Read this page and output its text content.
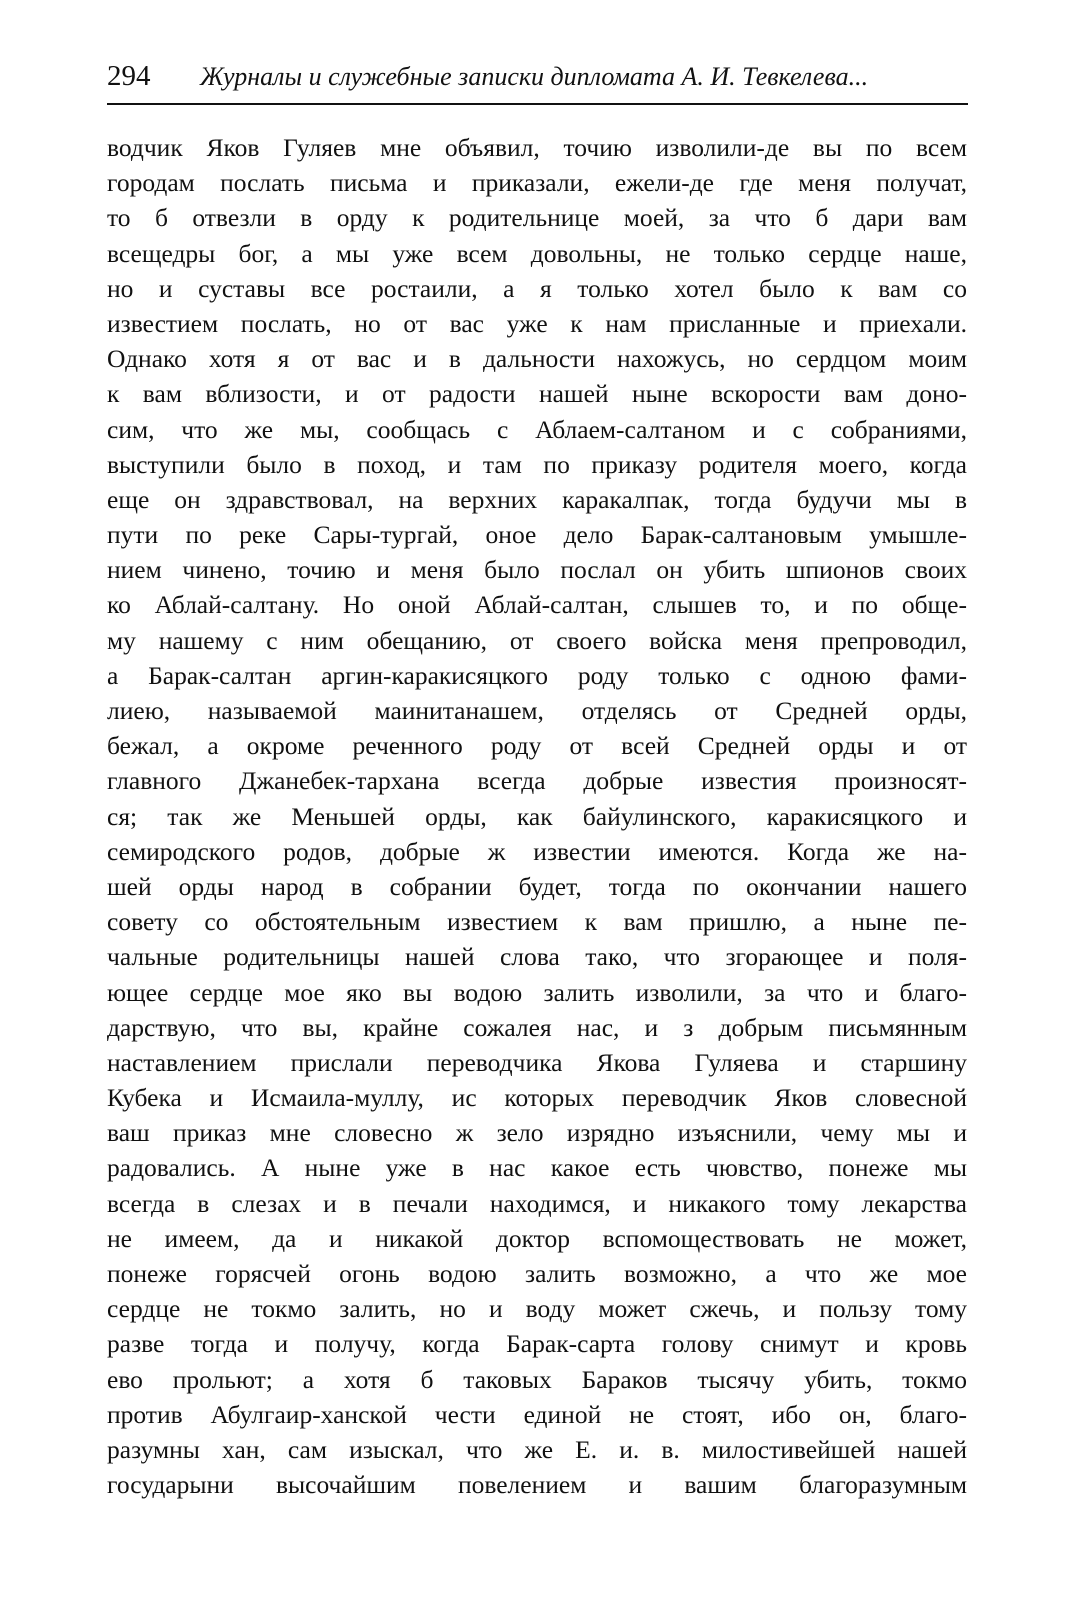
294 Журналы и служебные записки дипломата А. И. Тевкелева...
водчик Яков Гуляев мне объявил, точию изволили-де вы по всем
городам послать письма и приказали, ежели-де где меня получат,
то б отвезли в орду к родительнице моей, за что б дари вам
всещедры бог, а мы уже всем довольны, не только сердце наше,
но и суставы все ростаили, а я только хотел было к вам со
известием послать, но от вас уже к нам присланные и приехали.
Однако хотя я от вас и в дальности нахожусь, но сердцом моим
к вам вблизости, и от радости нашей ныне вскорости вам доно-
сим, что же мы, сообщась с Аблаем-салтаном и с собраниями,
выступили было в поход, и там по приказу родителя моего, когда
еще он здравствовал, на верхних каракалпак, тогда будучи мы в
пути по реке Сары-тургай, оное дело Барак-салтановым умышле-
нием чинено, точию и меня было послал он убить шпионов своих
ко Аблай-салтану. Но оной Аблай-салтан, слышев то, и по обще-
му нашему с ним обещанию, от своего войска меня препроводил,
а Барак-салтан аргин-каракисяцкого роду только с одною фами-
лиею, называемой маинитанашем, отделясь от Средней орды,
бежал, а окроме реченного роду от всей Средней орды и от
главного Джанебек-тархана всегда добрые известия произносят-
ся; так же Меньшей орды, как байулинского, каракисяцкого и
семиродского родов, добрые ж известии имеются. Когда же на-
шей орды народ в собрании будет, тогда по окончании нашего
совету со обстоятельным известием к вам пришлю, а ныне пе-
чальные родительницы нашей слова тако, что згорающее и поля-
ющее сердце мое яко вы водою залить изволили, за что и благо-
дарствую, что вы, крайне сожалея нас, и з добрым письмянным
наставлением прислали переводчика Якова Гуляева и старшину
Кубека и Исмаила-муллу, ис которых переводчик Яков словесной
ваш приказ мне словесно ж зело изрядно изъяснили, чему мы и
радовались. А ныне уже в нас какое есть чювство, понеже мы
всегда в слезах и в печали находимся, и никакого тому лекарства
не имеем, да и никакой доктор вспомоществовать не может,
понеже горясчей огонь водою залить возможно, а что же мое
сердце не токмо залить, но и воду может сжечь, и пользу тому
разве тогда и получу, когда Барак-сарта голову снимут и кровь
ево прольют; а хотя б таковых Бараков тысячу убить, токмо
против Абулгаир-ханской чести единой не стоят, ибо он, благо-
разумны хан, сам изыскал, что же Е. и. в. милостивейшей нашей
государыни высочайшим повелением и вашим благоразумным
